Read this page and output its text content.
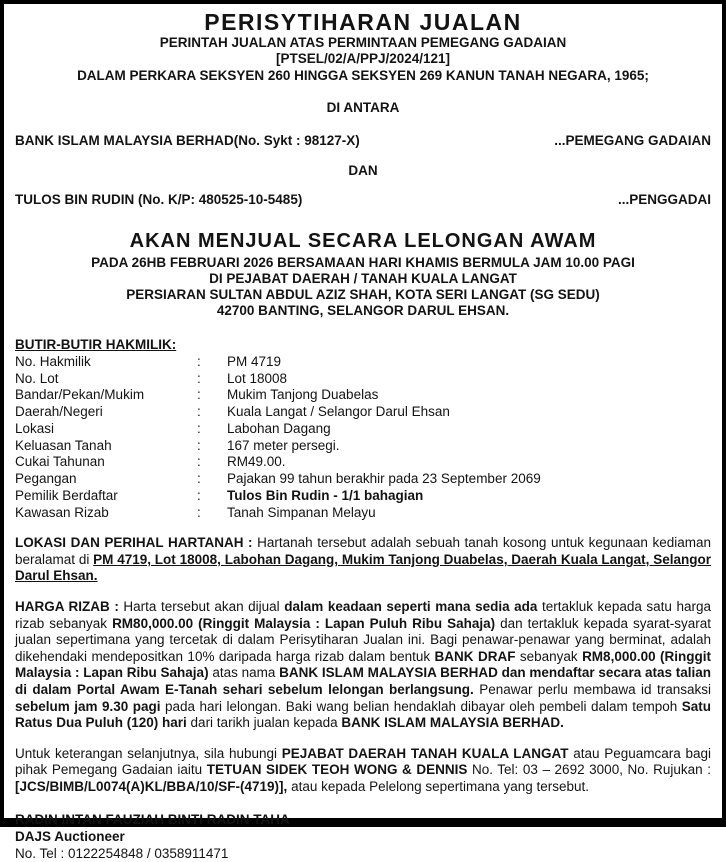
PERISYTIHARAN JUALAN
PERINTAH JUALAN ATAS PERMINTAAN PEMEGANG GADAIAN
[PTSEL/02/A/PPJ/2024/121]
DALAM PERKARA SEKSYEN 260 HINGGA SEKSYEN 269 KANUN TANAH NEGARA, 1965;
DI ANTARA
BANK ISLAM MALAYSIA BERHAD(No. Sykt : 98127-X)	...PEMEGANG GADAIAN
DAN
TULOS BIN RUDIN (No. K/P: 480525-10-5485)	...PENGGADAI
AKAN MENJUAL SECARA LELONGAN AWAM
PADA 26HB FEBRUARI 2026 BERSAMAAN HARI KHAMIS BERMULA JAM 10.00 PAGI
DI PEJABAT DAERAH / TANAH KUALA LANGAT
PERSIARAN SULTAN ABDUL AZIZ SHAH, KOTA SERI LANGAT (SG SEDU)
42700 BANTING, SELANGOR DARUL EHSAN.
BUTIR-BUTIR HAKMILIK:
No. Hakmilik	:	PM 4719
No. Lot	:	Lot 18008
Bandar/Pekan/Mukim	:	Mukim Tanjong Duabelas
Daerah/Negeri	:	Kuala Langat / Selangor Darul Ehsan
Lokasi	:	Labohan Dagang
Keluasan Tanah	:	167 meter persegi.
Cukai Tahunan	:	RM49.00.
Pegangan	:	Pajakan 99 tahun berakhir pada 23 September 2069
Pemilik Berdaftar	:	Tulos Bin Rudin - 1/1 bahagian
Kawasan Rizab	:	Tanah Simpanan Melayu

LOKASI DAN PERIHAL HARTANAH : Hartanah tersebut adalah sebuah tanah kosong untuk kegunaan kediaman beralamat di PM 4719, Lot 18008, Labohan Dagang, Mukim Tanjong Duabelas, Daerah Kuala Langat, Selangor Darul Ehsan.

HARGA RIZAB : Harta tersebut akan dijual dalam keadaan seperti mana sedia ada tertakluk kepada satu harga rizab sebanyak RM80,000.00 (Ringgit Malaysia : Lapan Puluh Ribu Sahaja) dan tertakluk kepada syarat-syarat jualan sepertimana yang tercetak di dalam Perisytiharan Jualan ini. Bagi penawar-penawar yang berminat, adalah dikehendaki mendepositkan 10% daripada harga rizab dalam bentuk BANK DRAF sebanyak RM8,000.00 (Ringgit Malaysia : Lapan Ribu Sahaja) atas nama BANK ISLAM MALAYSIA BERHAD dan mendaftar secara atas talian di dalam Portal Awam E-Tanah sehari sebelum lelongan berlangsung. Penawar perlu membawa id transaksi sebelum jam 9.30 pagi pada hari lelongan. Baki wang belian hendaklah dibayar oleh pembeli dalam tempoh Satu Ratus Dua Puluh (120) hari dari tarikh jualan kepada BANK ISLAM MALAYSIA BERHAD.

Untuk keterangan selanjutnya, sila hubungi PEJABAT DAERAH TANAH KUALA LANGAT atau Peguamcara bagi pihak Pemegang Gadaian iaitu TETUAN SIDEK TEOH WONG & DENNIS No. Tel: 03 – 2692 3000, No. Rujukan : [JCS/BIMB/L0074(A)KL/BBA/10/SF-(4719)], atau kepada Pelelong sepertimana yang tersebut.

RADIN INTAN FAUZIAH BINTI RADIN TAHA
DAJS Auctioneer
No. Tel : 0122254848 / 0358911471
